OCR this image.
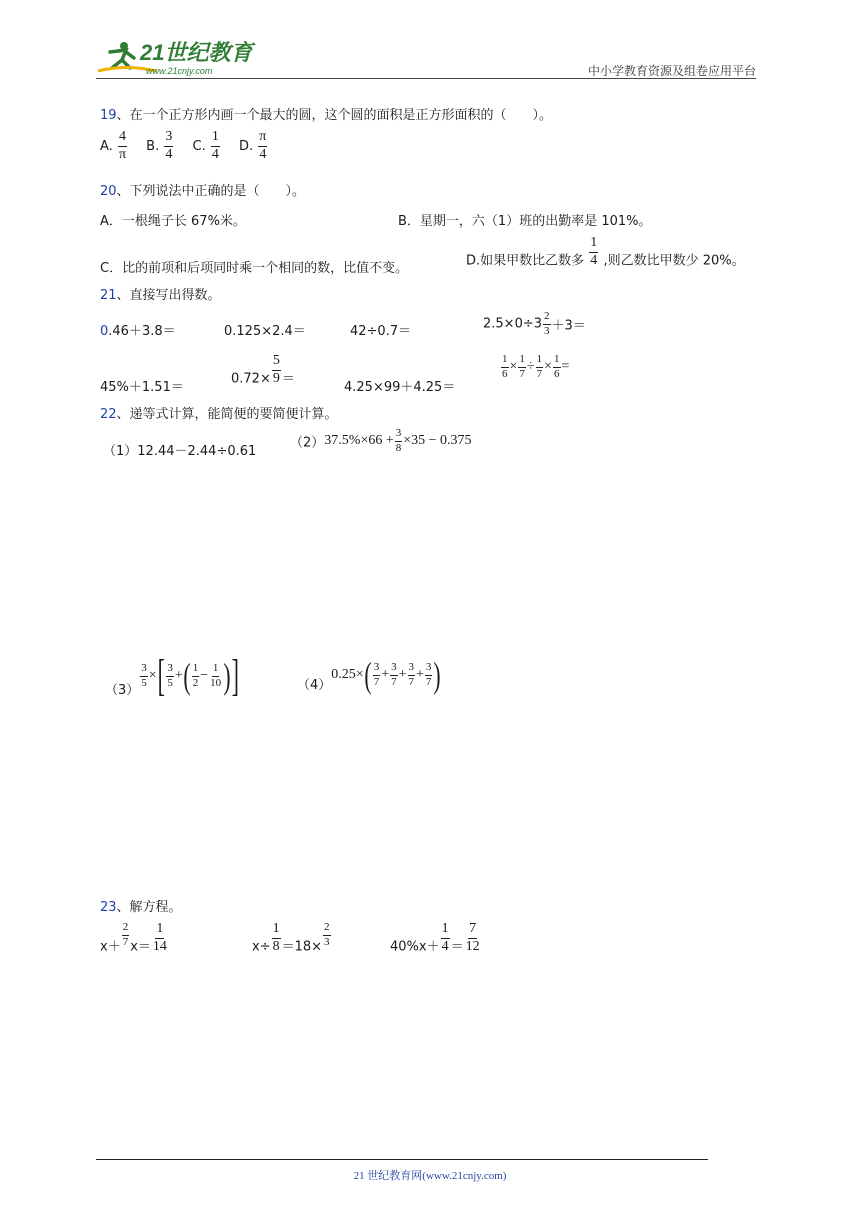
21世纪教育
www.21cnjy.com	中小学教育资源及组卷应用平台
19、在一个正方形内画一个最大的圆，这个圆的面积是正方形面积的（　　）。
A. $\frac{4}{\pi} B$. $\frac{3}{4} C$. $\frac{1}{4} D$. $\frac{\pi}{4}$
20、下列说法中正确的是（　　）。
A．一根绳子长 67%米。	B．星期一，六（1）班的出勤率是 101%。
C．比的前项和后项同时乘一个相同的数，比值不变。
D.如果甲数比乙数多 $\frac{1}{4}$ ,则乙数比甲数少 20%。
21、直接写出得数。
0.46＋3.8＝	0.125×2.4＝	42÷0.7＝	$2.5\times 0\div 3 \frac{2}{3} +3=$
45%＋1.51＝
$0.72\times \frac{5}{9}$ ＝
4.25×99＋4.25＝
$\frac{1}{6} \times \frac{1}{7} \div \frac{1}{7} \times \frac{1}{6}$ =
22、递等式计算，能简便的要简便计算。
（1）12.44－2.44÷0.61
$(2)37.5\%\times 66 + \frac{3}{8} \times 35 - 0.375$
（3）
$\frac{3}{5}$ ×[ $\frac{3}{5}$ +( $\frac{1}{2} - \frac{1}{10}$ )]	$(4)0.25\times( \frac{3}{7} + \frac{3}{7} + \frac{3}{7} + \frac{3}{7}$ )
23、解方程。
$x+ \frac{2}{7} x= \frac{1}{14}$	$x\div \frac{1}{8} =18\times \frac{2}{3}$	$40\%x+ \frac{1}{4} = \frac{7}{12}$
21 世纪教育网(www.21cnjy.com)
